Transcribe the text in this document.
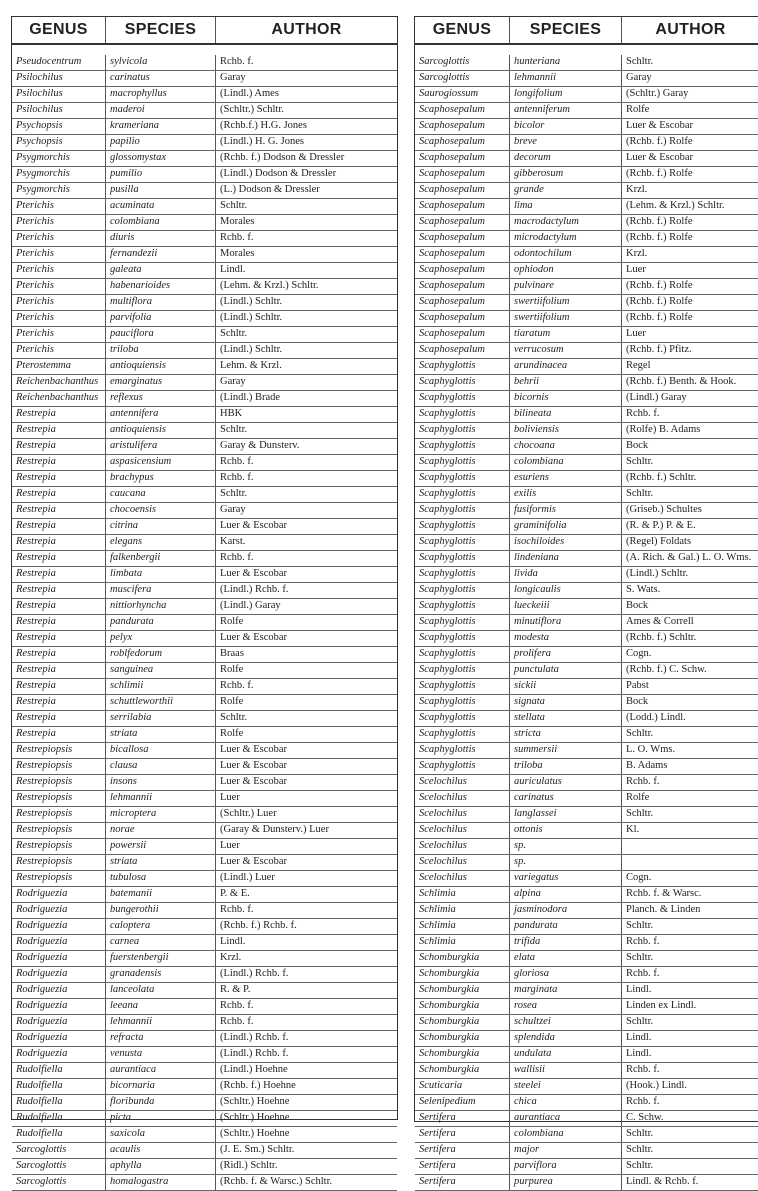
GENUS	SPECIES	AUTHOR
Pseudocentrum	sylvicola	Rchb. f.
Psilochilus	carinatus	Garay
Psilochilus	macrophyllus	(Lindl.) Ames
Psilochilus	maderoi	(Schltr.) Schltr.
Psychopsis	krameriana	(Rchb.f.) H.G. Jones
Psychopsis	papilio	(Lindl.) H. G. Jones
Psygmorchis	glossomystax	(Rchb. f.) Dodson & Dressler
Psygmorchis	pumilio	(Lindl.) Dodson & Dressler
Psygmorchis	pusilla	(L.) Dodson & Dressler
Pterichis	acuminata	Schltr.
Pterichis	colombiana	Morales
Pterichis	diuris	Rchb. f.
Pterichis	fernandezii	Morales
Pterichis	galeata	Lindl.
Pterichis	habenarioides	(Lehm. & Krzl.) Schltr.
Pterichis	multiflora	(Lindl.) Schltr.
Pterichis	parvifolia	(Lindl.) Schltr.
Pterichis	pauciflora	Schltr.
Pterichis	triloba	(Lindl.) Schltr.
Pterostemma	antioquiensis	Lehm. & Krzl.
Reichenbachanthus	emarginatus	Garay
Reichenbachanthus	reflexus	(Lindl.) Brade
Restrepia	antennifera	HBK
Restrepia	antioquiensis	Schltr.
Restrepia	aristulifera	Garay & Dunsterv.
Restrepia	aspasicensium	Rchb. f.
Restrepia	brachypus	Rchb. f.
Restrepia	caucana	Schltr.
Restrepia	chocoensis	Garay
Restrepia	citrina	Luer & Escobar
Restrepia	elegans	Karst.
Restrepia	falkenbergii	Rchb. f.
Restrepia	limbata	Luer & Escobar
Restrepia	muscifera	(Lindl.) Rchb. f.
Restrepia	nittiorhyncha	(Lindl.) Garay
Restrepia	pandurata	Rolfe
Restrepia	pelyx	Luer & Escobar
Restrepia	roblfedorum	Braas
Restrepia	sanguinea	Rolfe
Restrepia	schlimii	Rchb. f.
Restrepia	schuttleworthii	Rolfe
Restrepia	serrilabia	Schltr.
Restrepia	striata	Rolfe
Restrepiopsis	bicallosa	Luer & Escobar
Restrepiopsis	clausa	Luer & Escobar
Restrepiopsis	insons	Luer & Escobar
Restrepiopsis	lehmannii	Luer
Restrepiopsis	microptera	(Schltr.) Luer
Restrepiopsis	norae	(Garay & Dunsterv.) Luer
Restrepiopsis	powersii	Luer
Restrepiopsis	striata	Luer & Escobar
Restrepiopsis	tubulosa	(Lindl.) Luer
Rodriguezia	batemanii	P. & E.
Rodriguezia	bungerothii	Rchb. f.
Rodriguezia	caloptera	(Rchb. f.) Rchb. f.
Rodriguezia	carnea	Lindl.
Rodriguezia	fuerstenbergii	Krzl.
Rodriguezia	granadensis	(Lindl.) Rchb. f.
Rodriguezia	lanceolata	R. & P.
Rodriguezia	leeana	Rchb. f.
Rodriguezia	lehmannii	Rchb. f.
Rodriguezia	refracta	(Lindl.) Rchb. f.
Rodriguezia	venusta	(Lindl.) Rchb. f.
Rudolfiella	aurantiaca	(Lindl.) Hoehne
Rudolfiella	bicornaria	(Rchb. f.) Hoehne
Rudolfiella	floribunda	(Schltr.) Hoehne
Rudolfiella	picta	(Schltr.) Hoehne
Rudolfiella	saxicola	(Schltr.) Hoehne
Sarcoglottis	acaulis	(J. E. Sm.) Schltr.
Sarcoglottis	aphylla	(Ridl.) Schltr.
Sarcoglottis	homalogastra	(Rchb. f. & Warsc.) Schltr.
GENUS	SPECIES	AUTHOR
Sarcoglottis	hunteriana	Schltr.
Sarcoglottis	lehmannii	Garay
Saurogiossum	longifolium	(Schltr.) Garay
Scaphosepalum	antenniferum	Rolfe
Scaphosepalum	bicolor	Luer & Escobar
Scaphosepalum	breve	(Rchb. f.) Rolfe
Scaphosepalum	decorum	Luer & Escobar
Scaphosepalum	gibberosum	(Rchb. f.) Rolfe
Scaphosepalum	grande	Krzl.
Scaphosepalum	lima	(Lehm. & Krzl.) Schltr.
Scaphosepalum	macrodactylum	(Rchb. f.) Rolfe
Scaphosepalum	microdactylum	(Rchb. f.) Rolfe
Scaphosepalum	odontochilum	Krzl.
Scaphosepalum	ophiodon	Luer
Scaphosepalum	pulvinare	(Rchb. f.) Rolfe
Scaphosepalum	swertiifolium	(Rchb. f.) Rolfe
Scaphosepalum	swertiifolium	(Rchb. f.) Rolfe
Scaphosepalum	tiaratum	Luer
Scaphosepalum	verrucosum	(Rchb. f.) Pfitz.
Scaphyglottis	arundinacea	Regel
Scaphyglottis	behrii	(Rchb. f.) Benth. & Hook.
Scaphyglottis	bicornis	(Lindl.) Garay
Scaphyglottis	bilineata	Rchb. f.
Scaphyglottis	boliviensis	(Rolfe) B. Adams
Scaphyglottis	chocoana	Bock
Scaphyglottis	colombiana	Schltr.
Scaphyglottis	esuriens	(Rchb. f.) Schltr.
Scaphyglottis	exilis	Schltr.
Scaphyglottis	fusiformis	(Griseb.) Schultes
Scaphyglottis	graminifolia	(R. & P.) P. & E.
Scaphyglottis	isochiloides	(Regel) Foldats
Scaphyglottis	lindeniana	(A. Rich. & Gal.) L. O. Wms.
Scaphyglottis	livida	(Lindl.) Schltr.
Scaphyglottis	longicaulis	S. Wats.
Scaphyglottis	lueckeiii	Bock
Scaphyglottis	minutiflora	Ames & Correll
Scaphyglottis	modesta	(Rchb. f.) Schltr.
Scaphyglottis	prolifera	Cogn.
Scaphyglottis	punctulata	(Rchb. f.) C. Schw.
Scaphyglottis	sickii	Pabst
Scaphyglottis	signata	Bock
Scaphyglottis	stellata	(Lodd.) Lindl.
Scaphyglottis	stricta	Schltr.
Scaphyglottis	summersii	L. O. Wms.
Scaphyglottis	triloba	B. Adams
Scelochilus	auriculatus	Rchb. f.
Scelochilus	carinatus	Rolfe
Scelochilus	langlassei	Schltr.
Scelochilus	ottonis	Kl.
Scelochilus	sp.
Scelochilus	sp.
Scelochilus	variegatus	Cogn.
Schlimia	alpina	Rchb. f. & Warsc.
Schlimia	jasminodora	Planch. & Linden
Schlimia	pandurata	Schltr.
Schlimia	trifida	Rchb. f.
Schomburgkia	elata	Schltr.
Schomburgkia	gloriosa	Rchb. f.
Schomburgkia	marginata	Lindl.
Schomburgkia	rosea	Linden ex Lindl.
Schomburgkia	schultzei	Schltr.
Schomburgkia	splendida	Lindl.
Schomburgkia	undulata	Lindl.
Schomburgkia	wallisii	Rchb. f.
Scuticaria	steelei	(Hook.) Lindl.
Selenipedium	chica	Rchb. f.
Sertifera	aurantiaca	C. Schw.
Sertifera	colombiana	Schltr.
Sertifera	major	Schltr.
Sertifera	parviflora	Schltr.
Sertifera	purpurea	Lindl. & Rchb. f.
